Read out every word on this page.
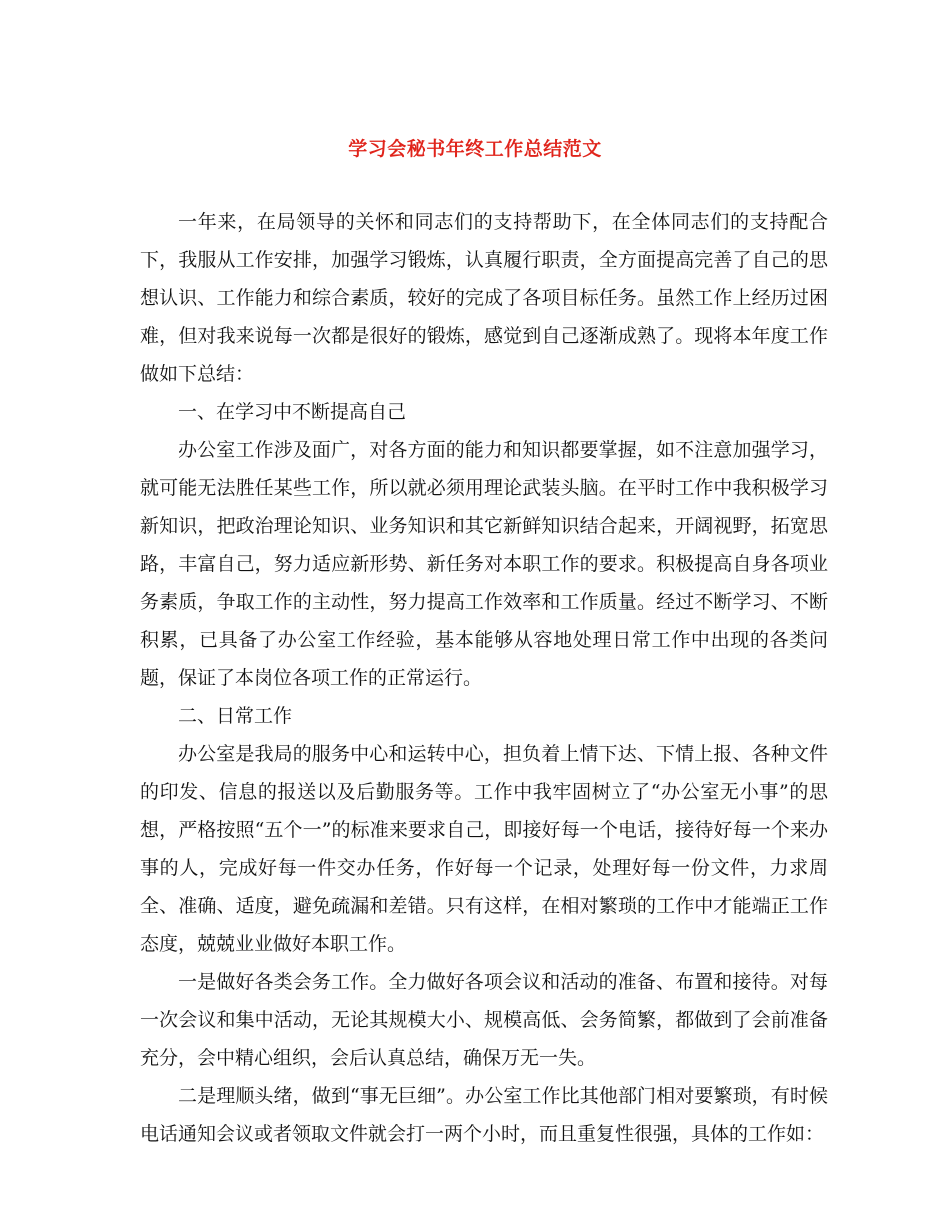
学习会秘书年终工作总结范文

一年来，在局领导的关怀和同志们的支持帮助下，在全体同志们的支持配合下，我服从工作安排，加强学习锻炼，认真履行职责，全方面提高完善了自己的思想认识、工作能力和综合素质，较好的完成了各项目标任务。虽然工作上经历过困难，但对我来说每一次都是很好的锻炼，感觉到自己逐渐成熟了。现将本年度工作做如下总结：

一、在学习中不断提高自己

办公室工作涉及面广，对各方面的能力和知识都要掌握，如不注意加强学习，就可能无法胜任某些工作，所以就必须用理论武装头脑。在平时工作中我积极学习新知识，把政治理论知识、业务知识和其它新鲜知识结合起来，开阔视野，拓宽思路，丰富自己，努力适应新形势、新任务对本职工作的要求。积极提高自身各项业务素质，争取工作的主动性，努力提高工作效率和工作质量。经过不断学习、不断积累，已具备了办公室工作经验，基本能够从容地处理日常工作中出现的各类问题，保证了本岗位各项工作的正常运行。

二、日常工作

办公室是我局的服务中心和运转中心，担负着上情下达、下情上报、各种文件的印发、信息的报送以及后勤服务等。工作中我牢固树立了“办公室无小事”的思想，严格按照“五个一”的标准来要求自己，即接好每一个电话，接待好每一个来办事的人，完成好每一件交办任务，作好每一个记录，处理好每一份文件，力求周全、准确、适度，避免疏漏和差错。只有这样，在相对繁琐的工作中才能端正工作态度，兢兢业业做好本职工作。

一是做好各类会务工作。全力做好各项会议和活动的准备、布置和接待。对每一次会议和集中活动，无论其规模大小、规模高低、会务简繁，都做到了会前准备充分，会中精心组织，会后认真总结，确保万无一失。

二是理顺头绪，做到“事无巨细”。办公室工作比其他部门相对要繁琐，有时候电话通知会议或者领取文件就会打一两个小时，而且重复性很强，具体的工作如：
